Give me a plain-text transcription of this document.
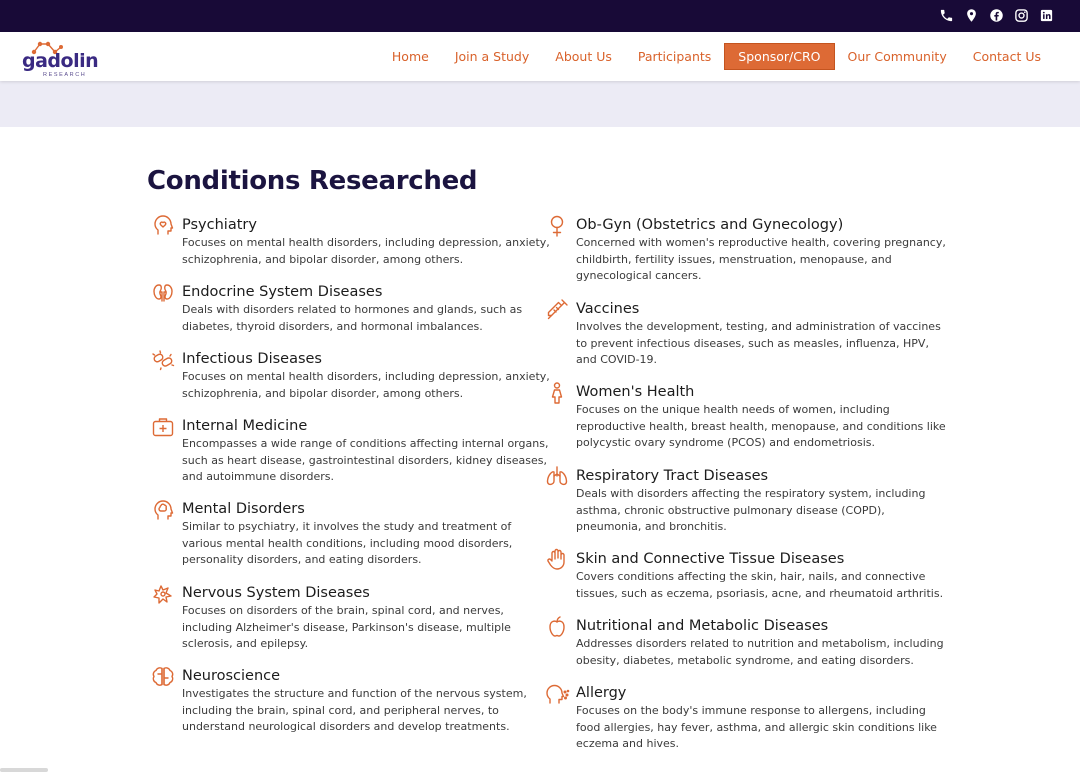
gadolin
RESEARCH
Home	Join a Study	About Us	Participants	Sponsor/CRO	Our Community	Contact Us
Conditions Researched
Psychiatry

Focuses on mental health disorders, including depression, anxiety, schizophrenia, and bipolar disorder, among others.

Endocrine System Diseases

Deals with disorders related to hormones and glands, such as diabetes, thyroid disorders, and hormonal imbalances.

Infectious Diseases

Focuses on mental health disorders, including depression, anxiety, schizophrenia, and bipolar disorder, among others.

Internal Medicine

Encompasses a wide range of conditions affecting internal organs, such as heart disease, gastrointestinal disorders, kidney diseases, and autoimmune disorders.

Mental Disorders

Similar to psychiatry, it involves the study and treatment of various mental health conditions, including mood disorders, personality disorders, and eating disorders.

Nervous System Diseases

Focuses on disorders of the brain, spinal cord, and nerves, including Alzheimer's disease, Parkinson's disease, multiple sclerosis, and epilepsy.

Neuroscience

Investigates the structure and function of the nervous system, including the brain, spinal cord, and peripheral nerves, to understand neurological disorders and develop treatments.

Ob-Gyn (Obstetrics and Gynecology)

Concerned with women's reproductive health, covering pregnancy, childbirth, fertility issues, menstruation, menopause, and gynecological cancers.

Vaccines

Involves the development, testing, and administration of vaccines to prevent infectious diseases, such as measles, influenza, HPV, and COVID-19.

Women's Health

Focuses on the unique health needs of women, including reproductive health, breast health, menopause, and conditions like polycystic ovary syndrome (PCOS) and endometriosis.

Respiratory Tract Diseases

Deals with disorders affecting the respiratory system, including asthma, chronic obstructive pulmonary disease (COPD), pneumonia, and bronchitis.

Skin and Connective Tissue Diseases

Covers conditions affecting the skin, hair, nails, and connective tissues, such as eczema, psoriasis, acne, and rheumatoid arthritis.

Nutritional and Metabolic Diseases

Addresses disorders related to nutrition and metabolism, including obesity, diabetes, metabolic syndrome, and eating disorders.

Allergy

Focuses on the body's immune response to allergens, including food allergies, hay fever, asthma, and allergic skin conditions like eczema and hives.
